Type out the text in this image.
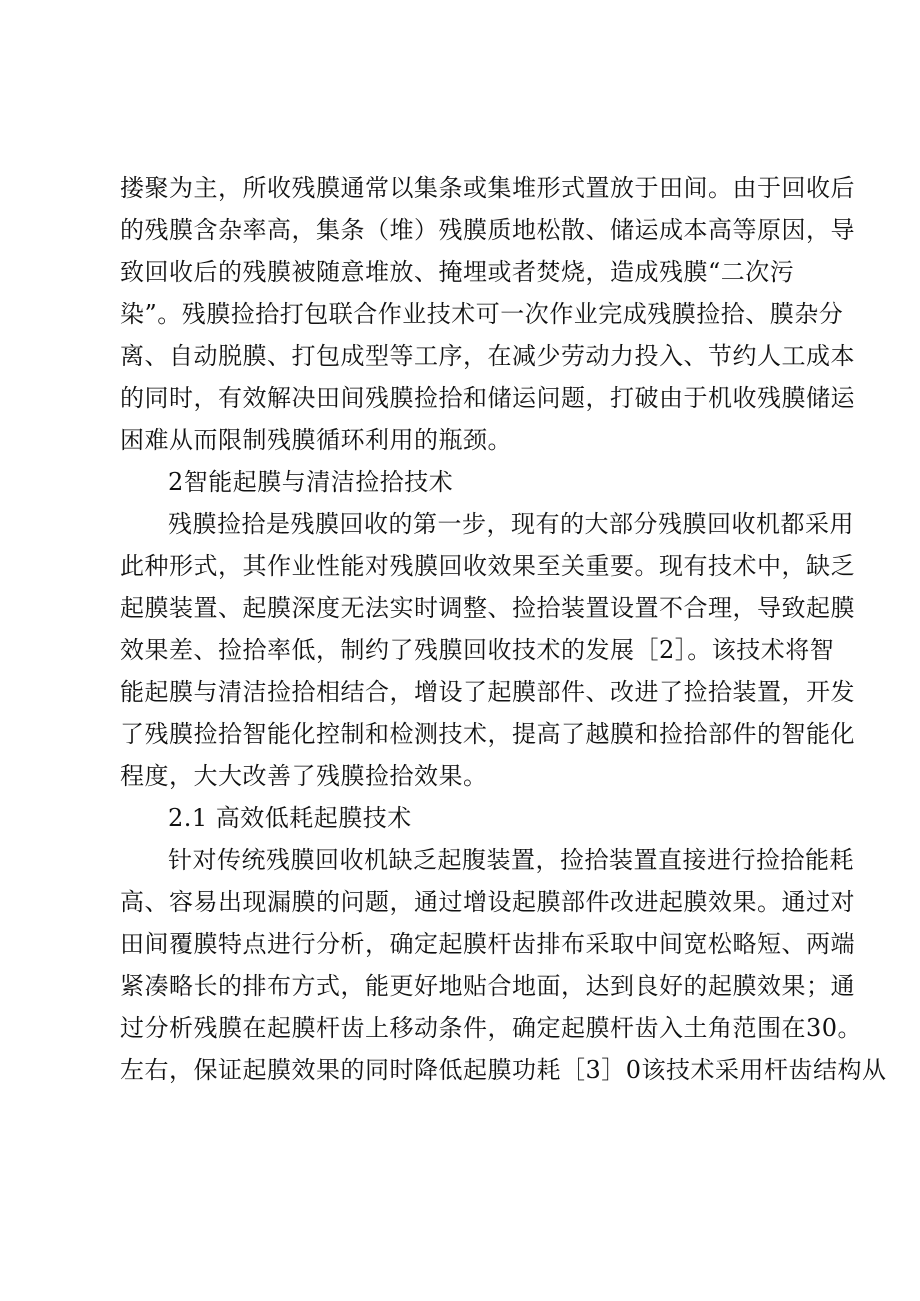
搂聚为主，所收残膜通常以集条或集堆形式置放于田间。由于回收后
的残膜含杂率高，集条（堆）残膜质地松散、储运成本高等原因，导
致回收后的残膜被随意堆放、掩埋或者焚烧，造成残膜“二次污
染”。残膜捡拾打包联合作业技术可一次作业完成残膜捡拾、膜杂分
离、自动脱膜、打包成型等工序，在减少劳动力投入、节约人工成本
的同时，有效解决田间残膜捡拾和储运问题，打破由于机收残膜储运
困难从而限制残膜循环利用的瓶颈。
2智能起膜与清洁捡拾技术
残膜捡拾是残膜回收的第一步，现有的大部分残膜回收机都采用
此种形式，其作业性能对残膜回收效果至关重要。现有技术中，缺乏
起膜装置、起膜深度无法实时调整、捡拾装置设置不合理，导致起膜
效果差、捡拾率低，制约了残膜回收技术的发展［2］。该技术将智
能起膜与清洁捡拾相结合，增设了起膜部件、改进了捡拾装置，开发
了残膜捡拾智能化控制和检测技术，提高了越膜和捡拾部件的智能化
程度，大大改善了残膜捡拾效果。
2.1 高效低耗起膜技术
针对传统残膜回收机缺乏起腹装置，捡拾装置直接进行捡拾能耗
高、容易出现漏膜的问题，通过增设起膜部件改进起膜效果。通过对
田间覆膜特点进行分析，确定起膜杆齿排布采取中间宽松略短、两端
紧凑略长的排布方式，能更好地贴合地面，达到良好的起膜效果；通
过分析残膜在起膜杆齿上移动条件，确定起膜杆齿入土角范围在30。
左右，保证起膜效果的同时降低起膜功耗［3］0该技术采用杆齿结构从
